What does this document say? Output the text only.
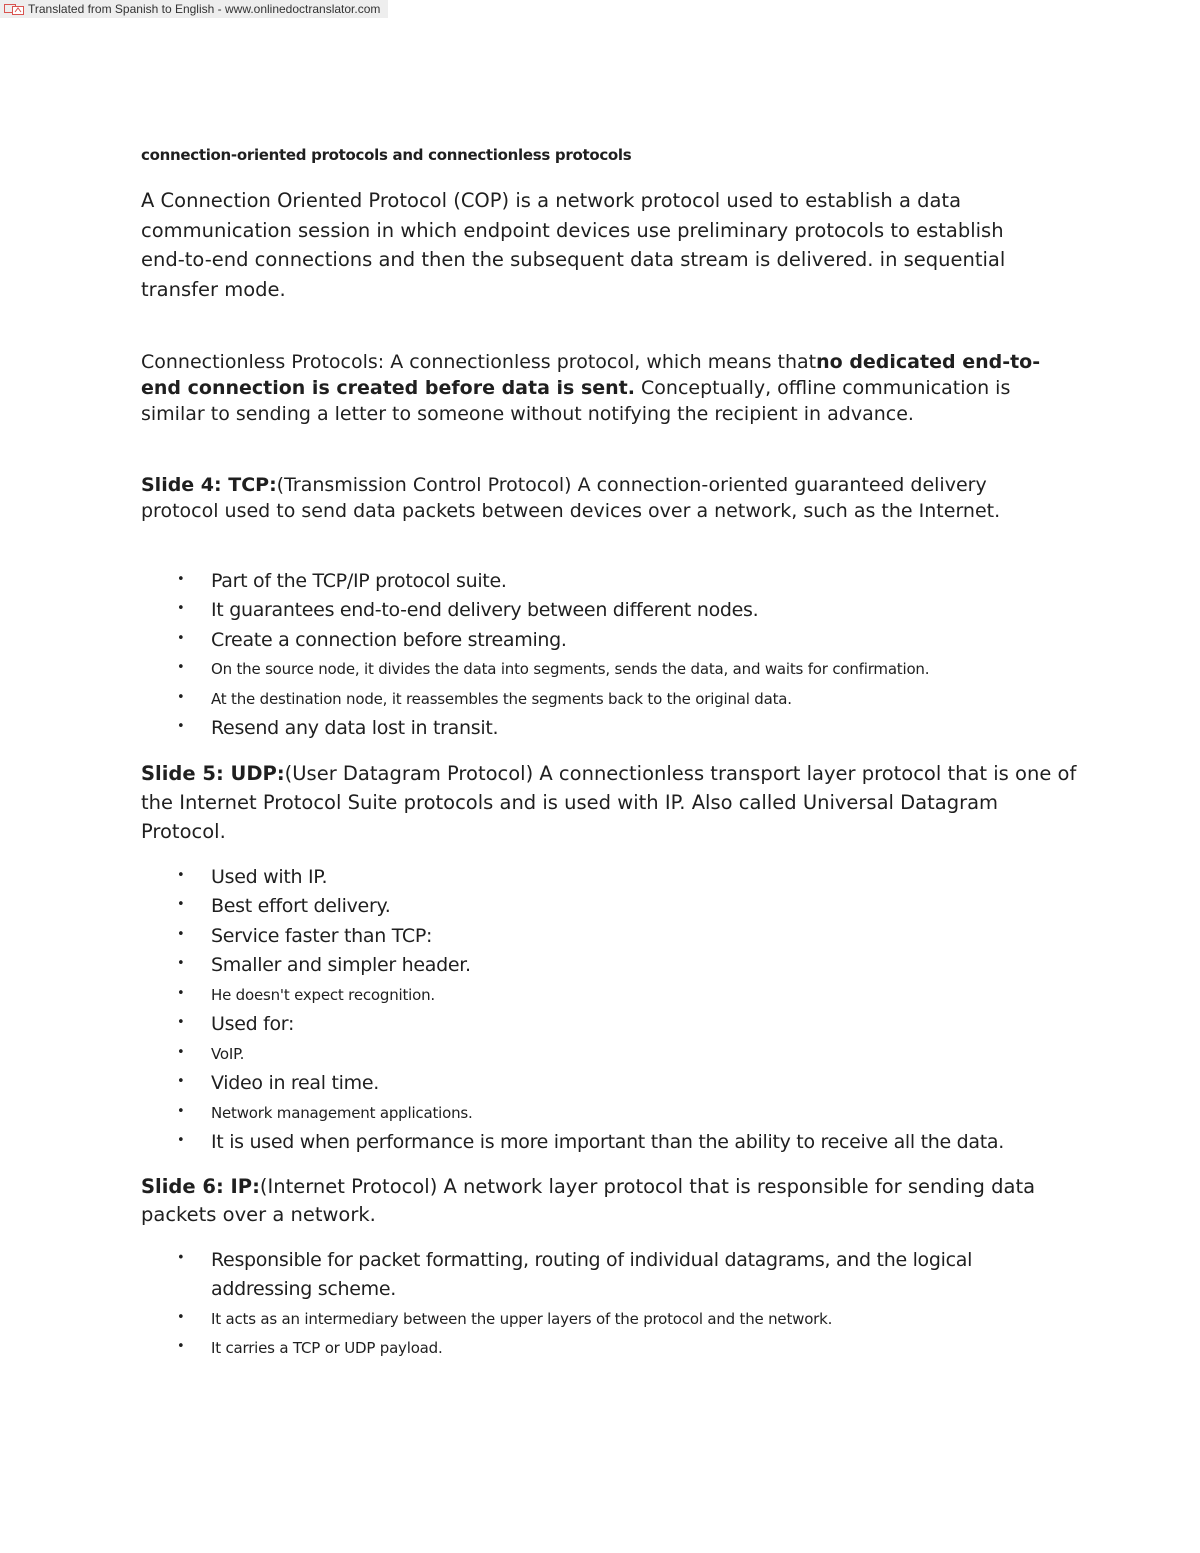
Translated from Spanish to English - www.onlinedoctranslator.com

connection-oriented protocols and connectionless protocols

A Connection Oriented Protocol (COP) is a network protocol used to establish a data

communication session in which endpoint devices use preliminary protocols to establish

end-to-end connections and then the subsequent data stream is delivered. in sequential

transfer mode.

Connectionless Protocols: A connectionless protocol, which means thatno dedicated end-to-

end connection is created before data is sent. Conceptually, offline communication is

similar to sending a letter to someone without notifying the recipient in advance.

Slide 4: TCP:(Transmission Control Protocol) A connection-oriented guaranteed delivery

protocol used to send data packets between devices over a network, such as the Internet.

• Part of the TCP/IP protocol suite.
• It guarantees end-to-end delivery between different nodes.
• Create a connection before streaming.
• On the source node, it divides the data into segments, sends the data, and waits for confirmation.
• At the destination node, it reassembles the segments back to the original data.
• Resend any data lost in transit.

Slide 5: UDP:(User Datagram Protocol) A connectionless transport layer protocol that is one of

the Internet Protocol Suite protocols and is used with IP. Also called Universal Datagram

Protocol.

• Used with IP.
• Best effort delivery.
• Service faster than TCP:
• Smaller and simpler header.
• He doesn't expect recognition.
• Used for:
• VoIP.
• Video in real time.
• Network management applications.
• It is used when performance is more important than the ability to receive all the data.

Slide 6: IP:(Internet Protocol) A network layer protocol that is responsible for sending data

packets over a network.

• Responsible for packet formatting, routing of individual datagrams, and the logical addressing scheme.
• It acts as an intermediary between the upper layers of the protocol and the network.
• It carries a TCP or UDP payload.
